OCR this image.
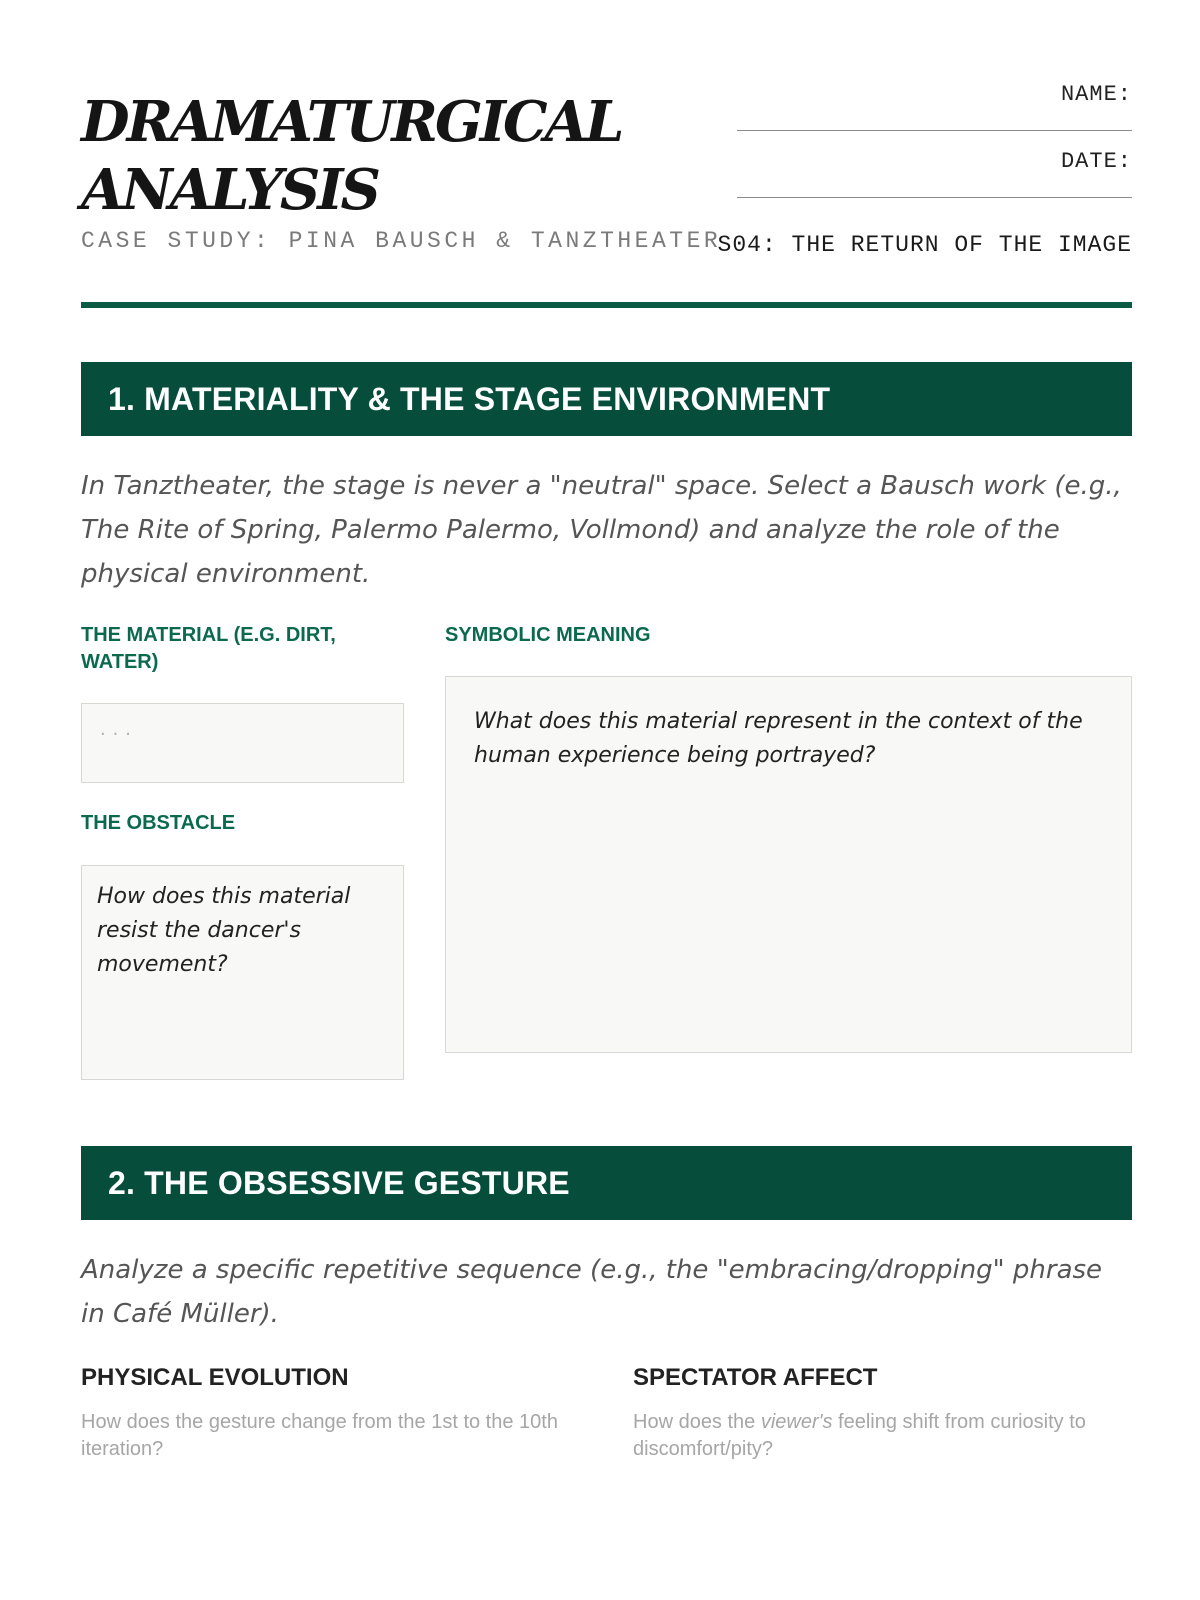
DRAMATURGICAL
ANALYSIS
CASE STUDY: PINA BAUSCH & TANZTHEATER
NAME:
DATE:
S04: THE RETURN OF THE IMAGE
1. MATERIALITY & THE STAGE ENVIRONMENT
In Tanztheater, the stage is never a "neutral" space. Select a Bausch work (e.g., The Rite of Spring, Palermo Palermo, Vollmond) and analyze the role of the physical environment.
THE MATERIAL (E.G. DIRT, WATER)
...
THE OBSTACLE
How does this material resist the dancer's movement?
SYMBOLIC MEANING
What does this material represent in the context of the human experience being portrayed?
2. THE OBSESSIVE GESTURE
Analyze a specific repetitive sequence (e.g., the "embracing/dropping" phrase in Café Müller).
PHYSICAL EVOLUTION
How does the gesture change from the 1st to the 10th iteration?
SPECTATOR AFFECT
How does the viewer's feeling shift from curiosity to discomfort/pity?
